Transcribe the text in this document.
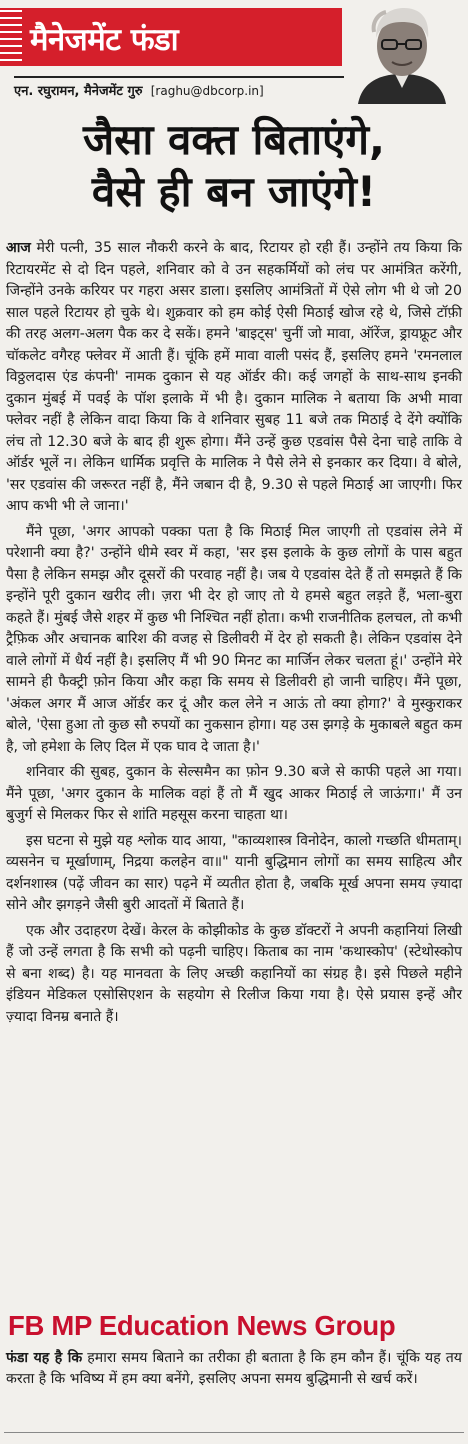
मैनेजमेंट फंडा
एन. रघुरामन, मैनेजमेंट गुरु [ raghu@dbcorp.in ]
जैसा वक्त बिताएंगे,
वैसे ही बन जाएंगे!

आज मेरी पत्नी, 35 साल नौकरी करने के बाद, रिटायर हो रही हैं। उन्होंने तय किया कि रिटायरमेंट से दो दिन पहले, शनिवार को वे उन सहकर्मियों को लंच पर आमंत्रित करेंगी, जिन्होंने उनके करियर पर गहरा असर डाला। इसलिए आमंत्रितों में ऐसे लोग भी थे जो 20 साल पहले रिटायर हो चुके थे। शुक्रवार को हम कोई ऐसी मिठाई खोज रहे थे, जिसे टॉफ़ी की तरह अलग-अलग पैक कर दे सकें। हमने 'बाइट्स' चुनीं जो मावा, ऑरेंज, ड्रायफ्रूट और चॉकलेट वगैरह फ्लेवर में आती हैं। चूंकि हमें मावा वाली पसंद हैं, इसलिए हमने 'रमनलाल विठ्ठलदास एंड कंपनी' नामक दुकान से यह ऑर्डर की। कई जगहों के साथ-साथ इनकी दुकान मुंबई में पवई के पॉश इलाके में भी है। दुकान मालिक ने बताया कि अभी मावा फ्लेवर नहीं है लेकिन वादा किया कि वे शनिवार सुबह 11 बजे तक मिठाई दे देंगे क्योंकि लंच तो 12.30 बजे के बाद ही शुरू होगा। मैंने उन्हें कुछ एडवांस पैसे देना चाहे ताकि वे ऑर्डर भूलें न। लेकिन धार्मिक प्रवृत्ति के मालिक ने पैसे लेने से इनकार कर दिया। वे बोले, 'सर एडवांस की जरूरत नहीं है, मैंने जबान दी है, 9.30 से पहले मिठाई आ जाएगी। फिर आप कभी भी ले जाना।'

मैंने पूछा, 'अगर आपको पक्का पता है कि मिठाई मिल जाएगी तो एडवांस लेने में परेशानी क्या है?' उन्होंने धीमे स्वर में कहा, 'सर इस इलाके के कुछ लोगों के पास बहुत पैसा है लेकिन समझ और दूसरों की परवाह नहीं है। जब ये एडवांस देते हैं तो समझते हैं कि इन्होंने पूरी दुकान खरीद ली। ज़रा भी देर हो जाए तो ये हमसे बहुत लड़ते हैं, भला-बुरा कहते हैं। मुंबई जैसे शहर में कुछ भी निश्चित नहीं होता। कभी राजनीतिक हलचल, तो कभी ट्रैफ़िक और अचानक बारिश की वजह से डिलीवरी में देर हो सकती है। लेकिन एडवांस देने वाले लोगों में धैर्य नहीं है। इसलिए मैं भी 90 मिनट का मार्जिन लेकर चलता हूं।' उन्होंने मेरे सामने ही फैक्ट्री फ़ोन किया और कहा कि समय से डिलीवरी हो जानी चाहिए। मैंने पूछा, 'अंकल अगर मैं आज ऑर्डर कर दूं और कल लेने न आऊं तो क्या होगा?' वे मुस्कुराकर बोले, 'ऐसा हुआ तो कुछ सौ रुपयों का नुकसान होगा। यह उस झगड़े के मुकाबले बहुत कम है, जो हमेशा के लिए दिल में एक घाव दे जाता है।'

शनिवार की सुबह, दुकान के सेल्समैन का फ़ोन 9.30 बजे से काफी पहले आ गया। मैंने पूछा, 'अगर दुकान के मालिक वहां हैं तो मैं खुद आकर मिठाई ले जाऊंगा।' मैं उन बुजुर्ग से मिलकर फिर से शांति महसूस करना चाहता था।

इस घटना से मुझे यह श्लोक याद आया, "काव्यशास्त्र विनोदेन, कालो गच्छति धीमताम्। व्यसनेन च मूर्खाणाम्, निद्रया कलहेन वा॥" यानी बुद्धिमान लोगों का समय साहित्य और दर्शनशास्त्र (पढ़ें जीवन का सार) पढ़ने में व्यतीत होता है, जबकि मूर्ख अपना समय ज़्यादा सोने और झगड़ने जैसी बुरी आदतों में बिताते हैं।

एक और उदाहरण देखें। केरल के कोझीकोड के कुछ डॉक्टरों ने अपनी कहानियां लिखी हैं जो उन्हें लगता है कि सभी को पढ़नी चाहिए। किताब का नाम 'कथास्कोप' (स्टेथोस्कोप से बना शब्द) है। यह मानवता के लिए अच्छी कहानियों का संग्रह है। इसे पिछले महीने इंडियन मेडिकल एसोसिएशन के सहयोग से रिलीज किया गया है। ऐसे प्रयास इन्हें और ज़्यादा विनम्र बनाते हैं।

FB MP Education News Group
फंडा यह है कि हमारा समय बिताने का तरीका ही बताता है कि हम कौन हैं। चूंकि यह तय करता है कि भविष्य में हम क्या बनेंगे, इसलिए अपना समय बुद्धिमानी से खर्च करें।
